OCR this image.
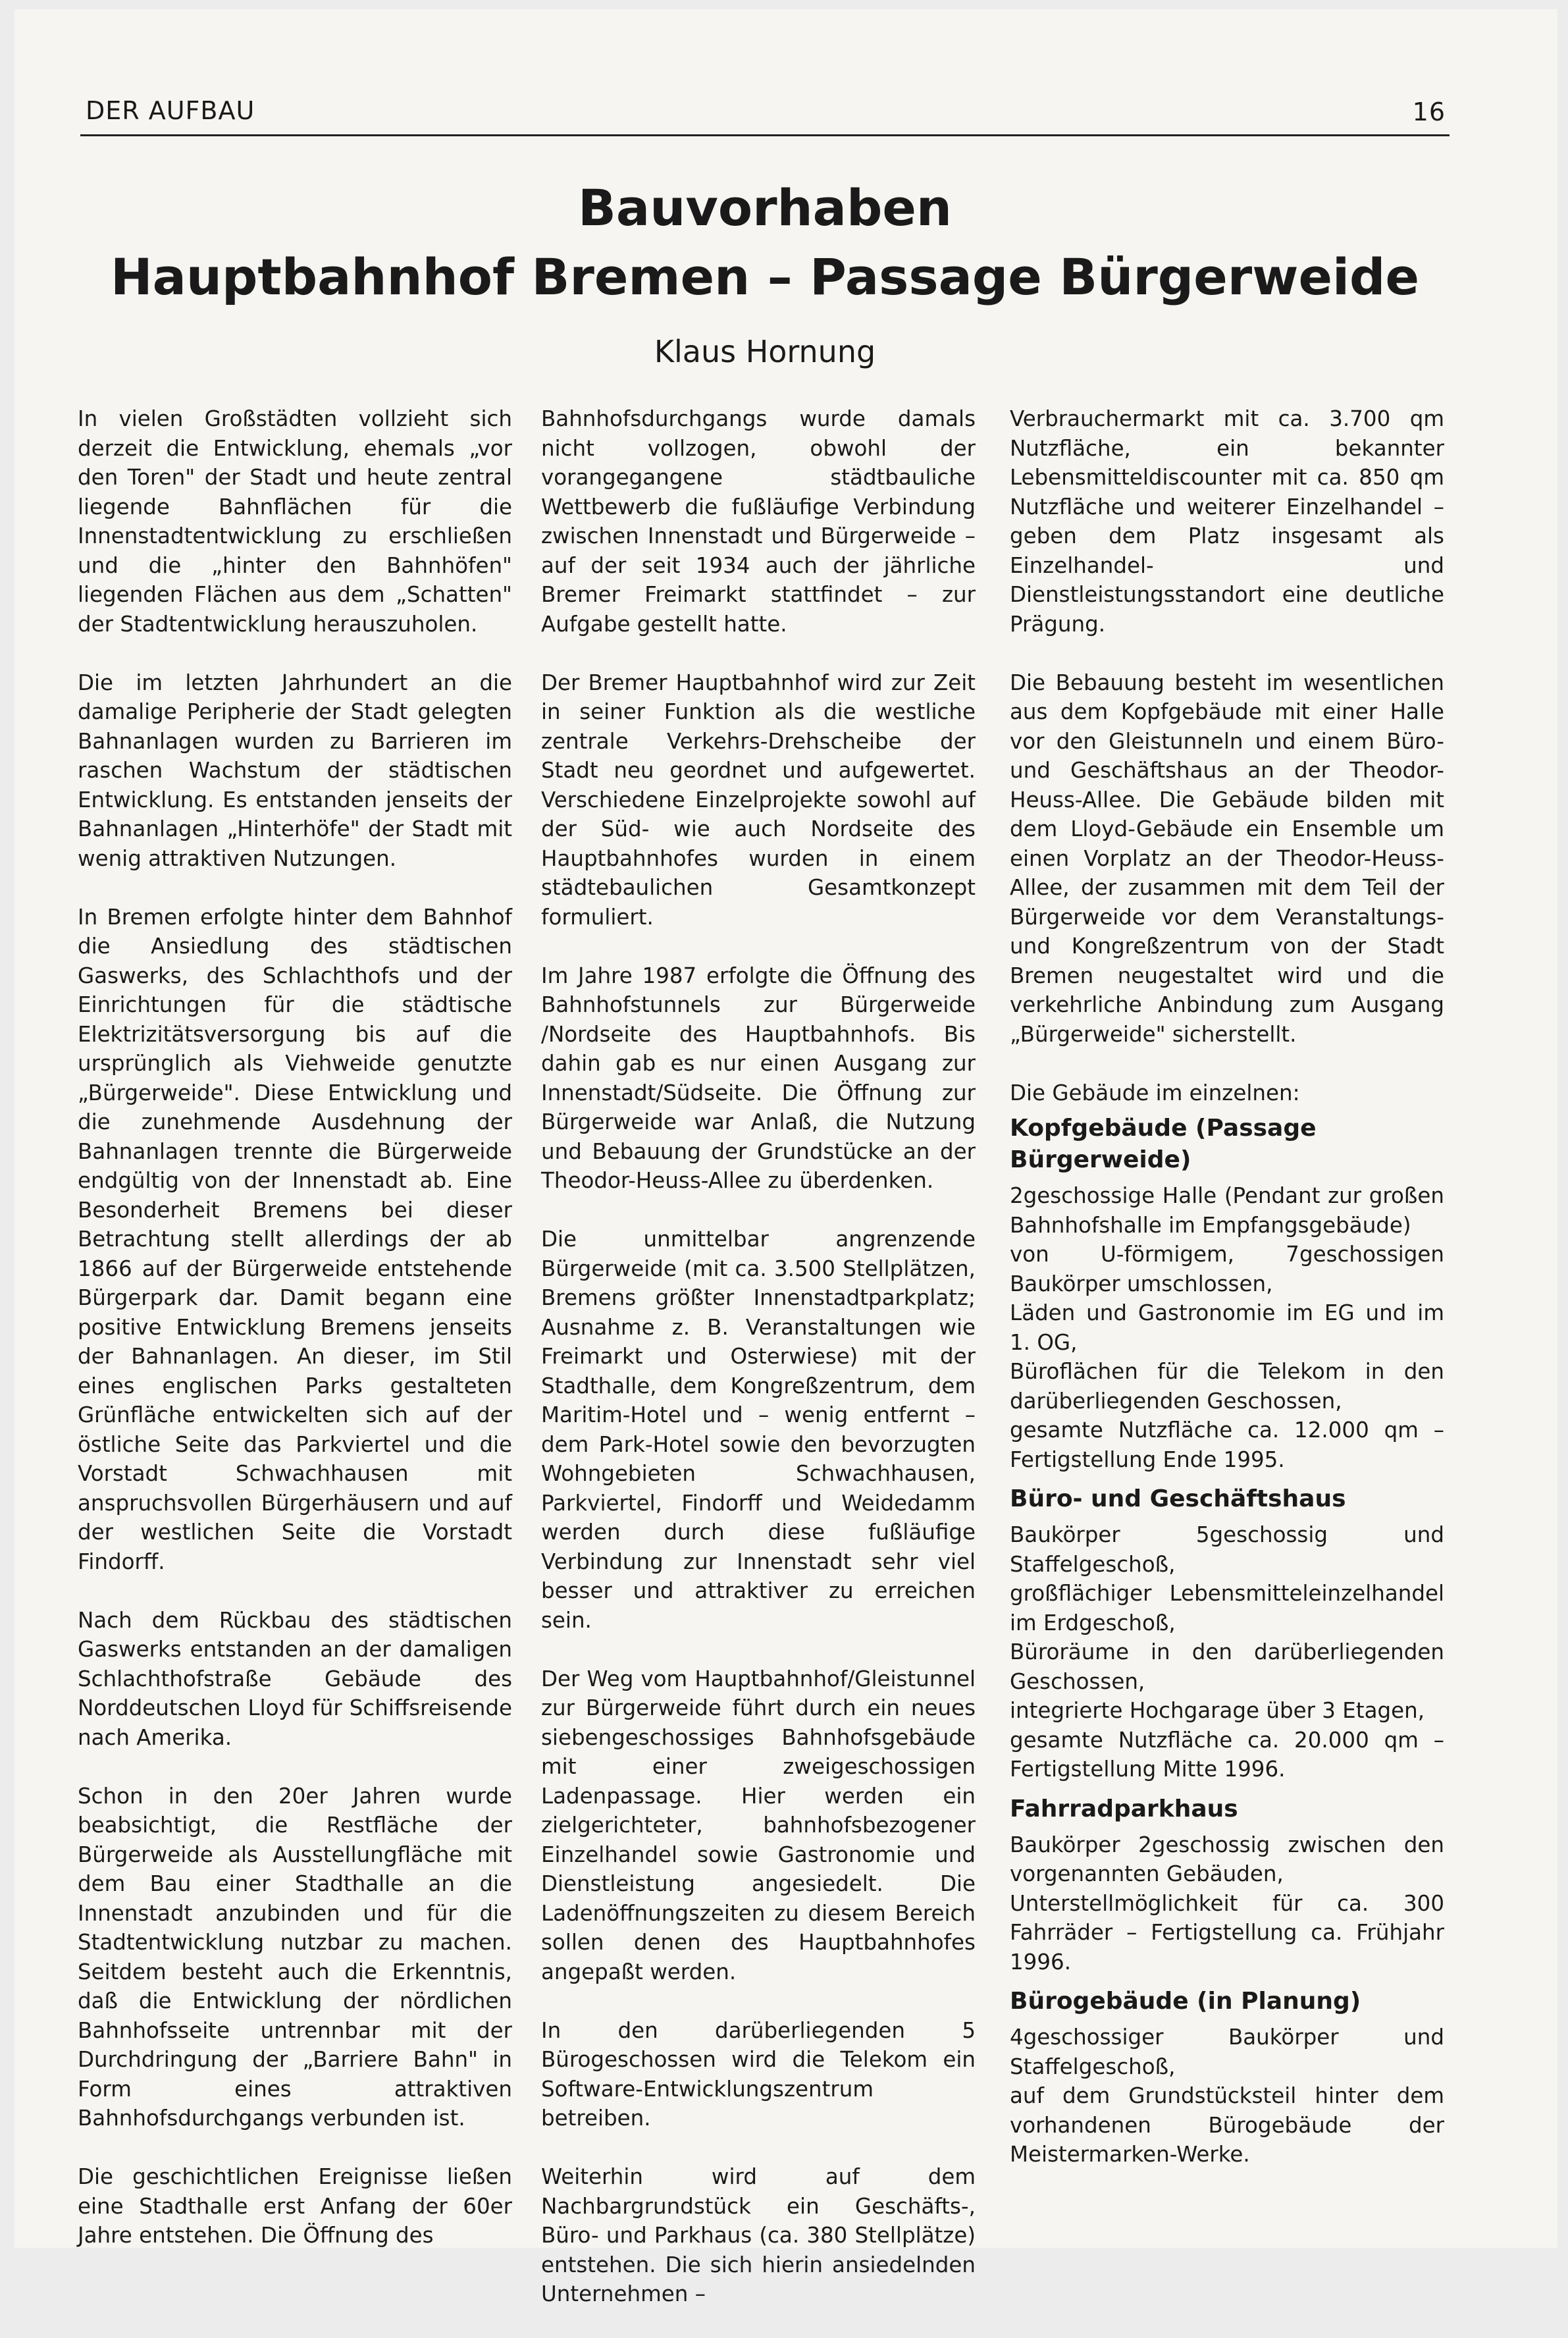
DER AUFBAU	16
Bauvorhaben
Hauptbahnhof Bremen – Passage Bürgerweide
Klaus Hornung

In vielen Großstädten vollzieht sich derzeit die Entwicklung, ehemals „vor den Toren" der Stadt und heute zentral liegende Bahnflächen für die Innenstadtentwicklung zu erschließen und die „hinter den Bahnhöfen" liegenden Flächen aus dem „Schatten" der Stadtentwicklung herauszuholen.

Die im letzten Jahrhundert an die damalige Peripherie der Stadt gelegten Bahnanlagen wurden zu Barrieren im raschen Wachstum der städtischen Entwicklung. Es entstanden jenseits der Bahnanlagen „Hinterhöfe" der Stadt mit wenig attraktiven Nutzungen.

In Bremen erfolgte hinter dem Bahnhof die Ansiedlung des städtischen Gaswerks, des Schlachthofs und der Einrichtungen für die städtische Elektrizitätsversorgung bis auf die ursprünglich als Viehweide genutzte „Bürgerweide". Diese Entwicklung und die zunehmende Ausdehnung der Bahnanlagen trennte die Bürgerweide endgültig von der Innenstadt ab. Eine Besonderheit Bremens bei dieser Betrachtung stellt allerdings der ab 1866 auf der Bürgerweide entstehende Bürgerpark dar. Damit begann eine positive Entwicklung Bremens jenseits der Bahnanlagen. An dieser, im Stil eines englischen Parks gestalteten Grünfläche entwickelten sich auf der östliche Seite das Parkviertel und die Vorstadt Schwachhausen mit anspruchsvollen Bürgerhäusern und auf der westlichen Seite die Vorstadt Findorff.

Nach dem Rückbau des städtischen Gaswerks entstanden an der damaligen Schlachthofstraße Gebäude des Norddeutschen Lloyd für Schiffsreisende nach Amerika.

Schon in den 20er Jahren wurde beabsichtigt, die Restfläche der Bürgerweide als Ausstellungfläche mit dem Bau einer Stadthalle an die Innenstadt anzubinden und für die Stadtentwicklung nutzbar zu machen. Seitdem besteht auch die Erkenntnis, daß die Entwicklung der nördlichen Bahnhofsseite untrennbar mit der Durchdringung der „Barriere Bahn" in Form eines attraktiven Bahnhofsdurchgangs verbunden ist.

Die geschichtlichen Ereignisse ließen eine Stadthalle erst Anfang der 60er Jahre entstehen. Die Öffnung des

Bahnhofsdurchgangs wurde damals nicht vollzogen, obwohl der vorangegangene städtbauliche Wettbewerb die fußläufige Verbindung zwischen Innenstadt und Bürgerweide – auf der seit 1934 auch der jährliche Bremer Freimarkt stattfindet – zur Aufgabe gestellt hatte.

Der Bremer Hauptbahnhof wird zur Zeit in seiner Funktion als die westliche zentrale Verkehrs-Drehscheibe der Stadt neu geordnet und aufgewertet. Verschiedene Einzelprojekte sowohl auf der Süd- wie auch Nordseite des Hauptbahnhofes wurden in einem städtebaulichen Gesamtkonzept formuliert.

Im Jahre 1987 erfolgte die Öffnung des Bahnhofstunnels zur Bürgerweide /Nordseite des Hauptbahnhofs. Bis dahin gab es nur einen Ausgang zur Innenstadt/Südseite. Die Öffnung zur Bürgerweide war Anlaß, die Nutzung und Bebauung der Grundstücke an der Theodor-Heuss-Allee zu überdenken.

Die unmittelbar angrenzende Bürgerweide (mit ca. 3.500 Stellplätzen, Bremens größter Innenstadtparkplatz; Ausnahme z. B. Veranstaltungen wie Freimarkt und Osterwiese) mit der Stadthalle, dem Kongreßzentrum, dem Maritim-Hotel und – wenig entfernt – dem Park-Hotel sowie den bevorzugten Wohngebieten Schwachhausen, Parkviertel, Findorff und Weidedamm werden durch diese fußläufige Verbindung zur Innenstadt sehr viel besser und attraktiver zu erreichen sein.

Der Weg vom Hauptbahnhof/Gleistunnel zur Bürgerweide führt durch ein neues siebengeschossiges Bahnhofsgebäude mit einer zweigeschossigen Ladenpassage. Hier werden ein zielgerichteter, bahnhofsbezogener Einzelhandel sowie Gastronomie und Dienstleistung angesiedelt. Die Ladenöffnungszeiten zu diesem Bereich sollen denen des Hauptbahnhofes angepaßt werden.

In den darüberliegenden 5 Bürogeschossen wird die Telekom ein Software-Entwicklungszentrum betreiben.

Weiterhin wird auf dem Nachbargrundstück ein Geschäfts-, Büro- und Parkhaus (ca. 380 Stellplätze) entstehen. Die sich hierin ansiedelnden Unternehmen –

Verbrauchermarkt mit ca. 3.700 qm Nutzfläche, ein bekannter Lebensmitteldiscounter mit ca. 850 qm Nutzfläche und weiterer Einzelhandel – geben dem Platz insgesamt als Einzelhandel- und Dienstleistungsstandort eine deutliche Prägung.

Die Bebauung besteht im wesentlichen aus dem Kopfgebäude mit einer Halle vor den Gleistunneln und einem Büro- und Geschäftshaus an der Theodor-Heuss-Allee. Die Gebäude bilden mit dem Lloyd-Gebäude ein Ensemble um einen Vorplatz an der Theodor-Heuss-Allee, der zusammen mit dem Teil der Bürgerweide vor dem Veranstaltungs- und Kongreßzentrum von der Stadt Bremen neugestaltet wird und die verkehrliche Anbindung zum Ausgang „Bürgerweide" sicherstellt.

Die Gebäude im einzelnen:

Kopfgebäude (Passage Bürgerweide)
2geschossige Halle (Pendant zur großen Bahnhofshalle im Empfangsgebäude)
von U-förmigem, 7geschossigen Baukörper umschlossen,
Läden und Gastronomie im EG und im 1. OG,
Büroflächen für die Telekom in den darüberliegenden Geschossen,
gesamte Nutzfläche ca. 12.000 qm – Fertigstellung Ende 1995.
Büro- und Geschäftshaus
Baukörper 5geschossig und Staffelgeschoß,
großflächiger Lebensmitteleinzelhandel im Erdgeschoß,
Büroräume in den darüberliegenden Geschossen,
integrierte Hochgarage über 3 Etagen,
gesamte Nutzfläche ca. 20.000 qm – Fertigstellung Mitte 1996.
Fahrradparkhaus
Baukörper 2geschossig zwischen den vorgenannten Gebäuden,
Unterstellmöglichkeit für ca. 300 Fahrräder – Fertigstellung ca. Frühjahr 1996.
Bürogebäude (in Planung)
4geschossiger Baukörper und Staffelgeschoß,
auf dem Grundstücksteil hinter dem vorhandenen Bürogebäude der Meistermarken-Werke.
